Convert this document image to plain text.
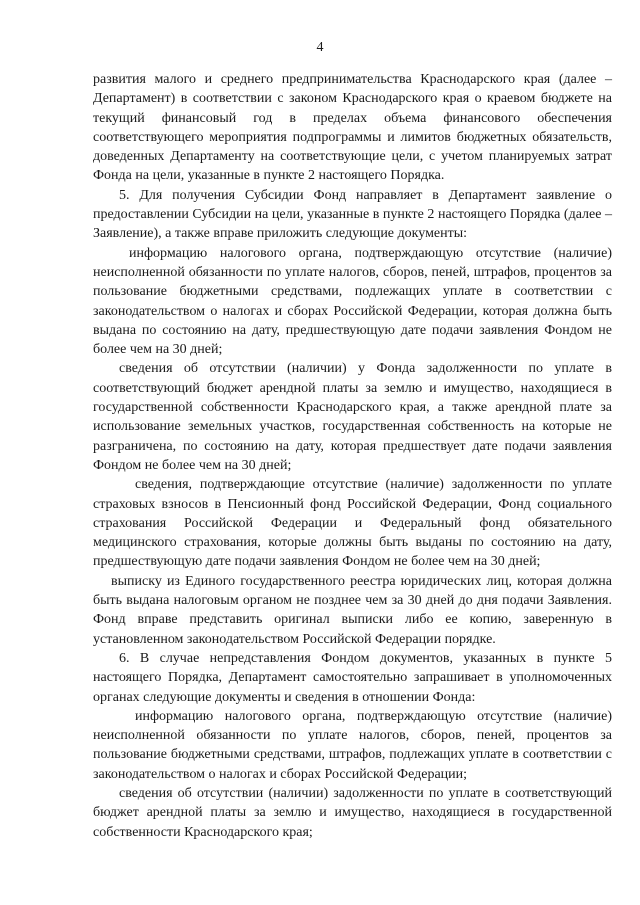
4

развития малого и среднего предпринимательства Краснодарского края (далее –Департамент) в соответствии с законом Краснодарского края о краевом бюджете на текущий финансовый год в пределах объема финансового обеспечения соответствующего мероприятия подпрограммы и лимитов бюджетных обязательств, доведенных Департаменту на соответствующие цели, с учетом планируемых затрат Фонда на цели, указанные в пункте 2 настоящего Порядка.

5. Для получения Субсидии Фонд направляет в Департамент заявление о предоставлении Субсидии на цели, указанные в пункте 2 настоящего Порядка (далее – Заявление), а также вправе приложить следующие документы:

информацию налогового органа, подтверждающую отсутствие (наличие) неисполненной обязанности по уплате налогов, сборов, пеней, штрафов, процентов за пользование бюджетными средствами, подлежащих уплате в соответствии с законодательством о налогах и сборах Российской Федерации, которая должна быть выдана по состоянию на дату, предшествующую дате подачи заявления Фондом не более чем на 30 дней;

сведения об отсутствии (наличии) у Фонда задолженности по уплате в соответствующий бюджет арендной платы за землю и имущество, находящиеся в государственной собственности Краснодарского края, а также арендной плате за использование земельных участков, государственная собственность на которые не разграничена, по состоянию на дату, которая предшествует дате подачи заявления Фондом не более чем на 30 дней;

сведения, подтверждающие отсутствие (наличие) задолженности по уплате страховых взносов в Пенсионный фонд Российской Федерации, Фонд социального страхования Российской Федерации и Федеральный фонд обязательного медицинского страхования, которые должны быть выданы по состоянию на дату, предшествующую дате подачи заявления Фондом не более чем на 30 дней;

выписку из Единого государственного реестра юридических лиц, которая должна быть выдана налоговым органом не позднее чем за 30 дней до дня подачи Заявления. Фонд вправе представить оригинал выписки либо ее копию, заверенную в установленном законодательством Российской Федерации порядке.

6. В случае непредставления Фондом документов, указанных в пункте 5 настоящего Порядка, Департамент самостоятельно запрашивает в уполномоченных органах следующие документы и сведения в отношении Фонда:

информацию налогового органа, подтверждающую отсутствие (наличие) неисполненной обязанности по уплате налогов, сборов, пеней, процентов за пользование бюджетными средствами, штрафов, подлежащих уплате в соответствии с законодательством о налогах и сборах Российской Федерации;

сведения об отсутствии (наличии) задолженности по уплате в соответствующий бюджет арендной платы за землю и имущество, находящиеся в государственной собственности Краснодарского края;
